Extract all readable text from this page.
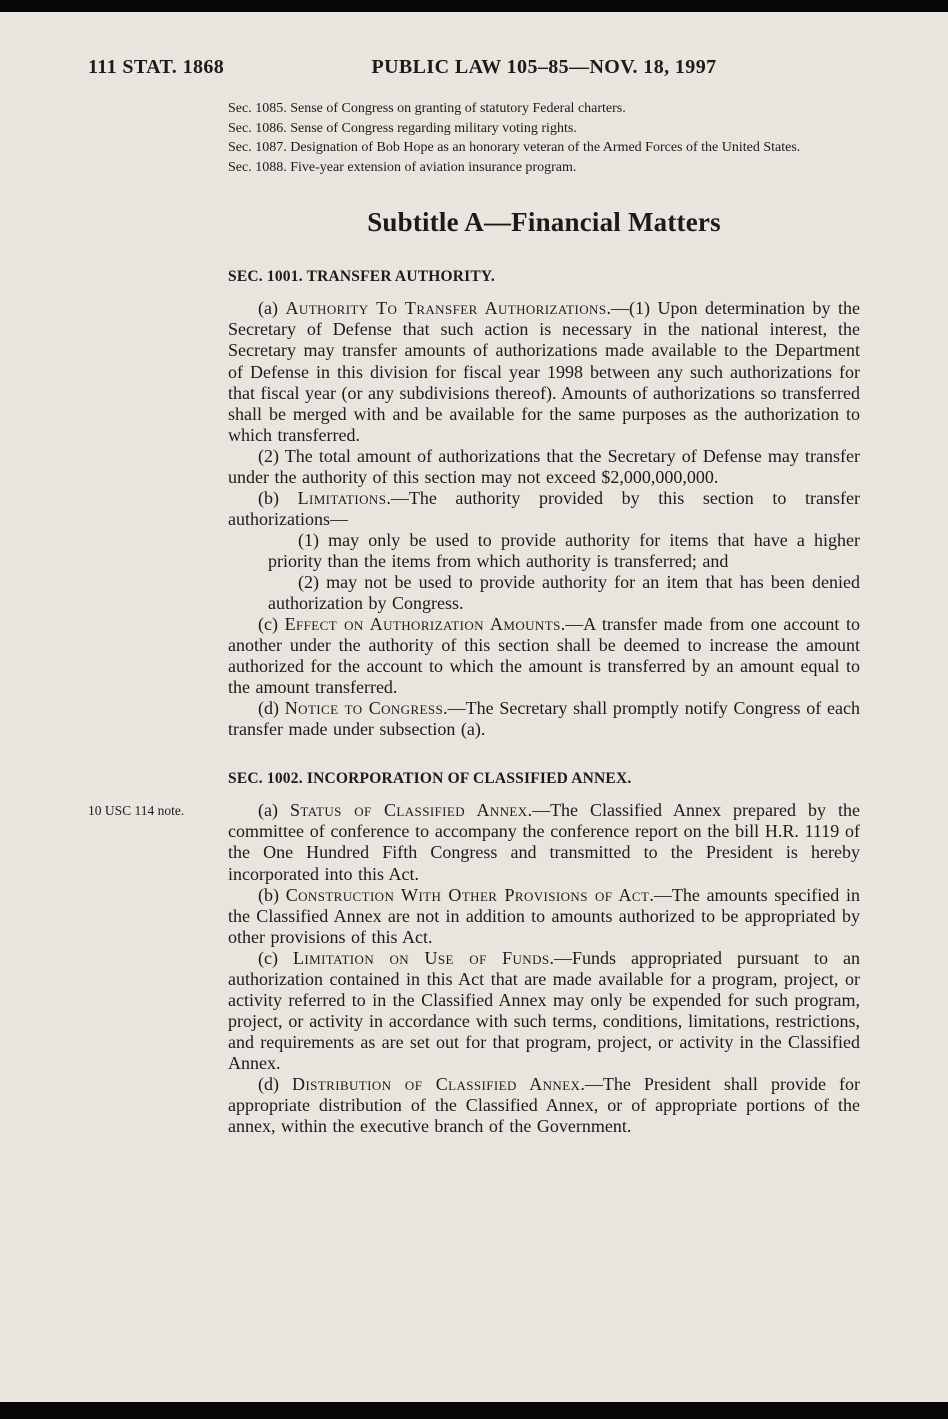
111 STAT. 1868	PUBLIC LAW 105–85—NOV. 18, 1997
Sec. 1085. Sense of Congress on granting of statutory Federal charters.
Sec. 1086. Sense of Congress regarding military voting rights.
Sec. 1087. Designation of Bob Hope as an honorary veteran of the Armed Forces of the United States.
Sec. 1088. Five-year extension of aviation insurance program.
Subtitle A—Financial Matters
SEC. 1001. TRANSFER AUTHORITY.

(a) Authority To Transfer Authorizations.—(1) Upon determination by the Secretary of Defense that such action is necessary in the national interest, the Secretary may transfer amounts of authorizations made available to the Department of Defense in this division for fiscal year 1998 between any such authorizations for that fiscal year (or any subdivisions thereof). Amounts of authorizations so transferred shall be merged with and be available for the same purposes as the authorization to which transferred.

(2) The total amount of authorizations that the Secretary of Defense may transfer under the authority of this section may not exceed $2,000,000,000.

(b) Limitations.—The authority provided by this section to transfer authorizations—

(1) may only be used to provide authority for items that have a higher priority than the items from which authority is transferred; and

(2) may not be used to provide authority for an item that has been denied authorization by Congress.

(c) Effect on Authorization Amounts.—A transfer made from one account to another under the authority of this section shall be deemed to increase the amount authorized for the account to which the amount is transferred by an amount equal to the amount transferred.

(d) Notice to Congress.—The Secretary shall promptly notify Congress of each transfer made under subsection (a).

10 USC 114 note.
SEC. 1002. INCORPORATION OF CLASSIFIED ANNEX.

(a) Status of Classified Annex.—The Classified Annex prepared by the committee of conference to accompany the conference report on the bill H.R. 1119 of the One Hundred Fifth Congress and transmitted to the President is hereby incorporated into this Act.

(b) Construction With Other Provisions of Act.—The amounts specified in the Classified Annex are not in addition to amounts authorized to be appropriated by other provisions of this Act.

(c) Limitation on Use of Funds.—Funds appropriated pursuant to an authorization contained in this Act that are made available for a program, project, or activity referred to in the Classified Annex may only be expended for such program, project, or activity in accordance with such terms, conditions, limitations, restrictions, and requirements as are set out for that program, project, or activity in the Classified Annex.

(d) Distribution of Classified Annex.—The President shall provide for appropriate distribution of the Classified Annex, or of appropriate portions of the annex, within the executive branch of the Government.
